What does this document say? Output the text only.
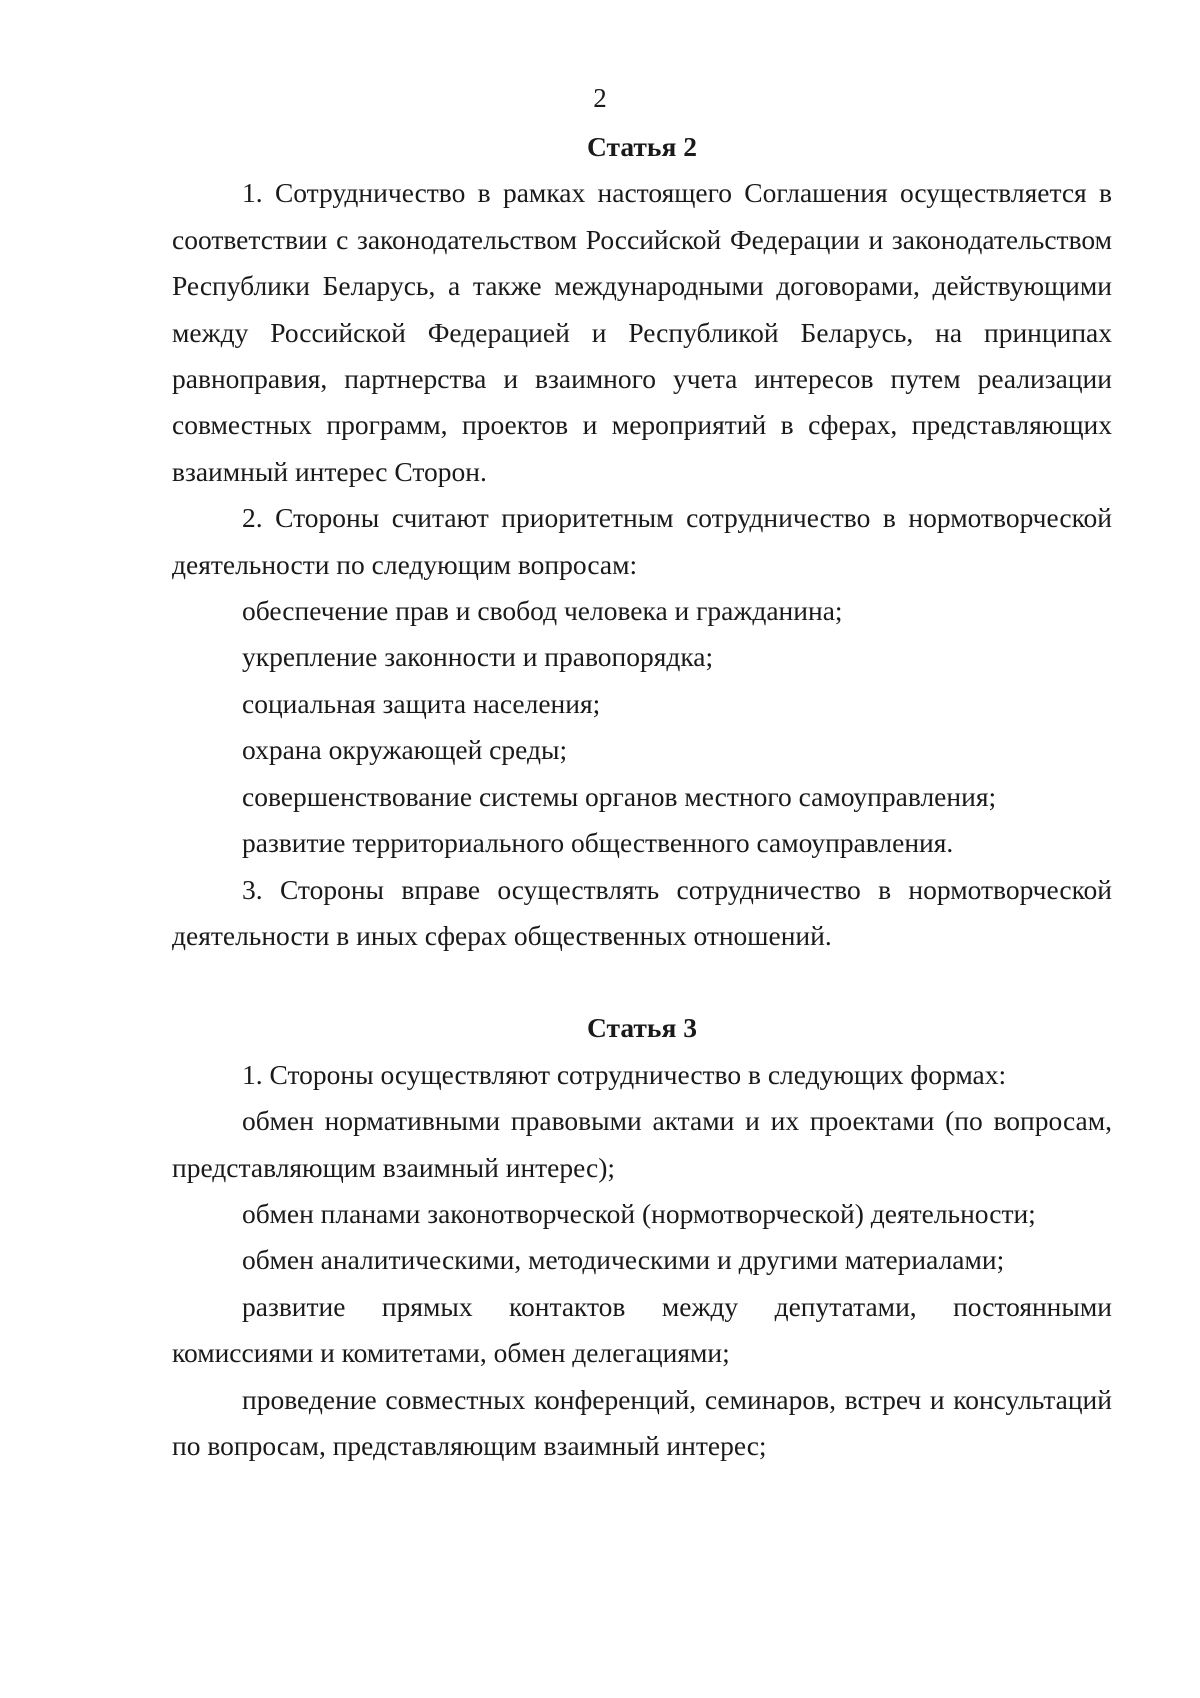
2
Статья 2

1. Сотрудничество в рамках настоящего Соглашения осуществляется в соответствии с законодательством Российской Федерации и законодательством Республики Беларусь, а также международными договорами, действующими между Российской Федерацией и Республикой Беларусь, на принципах равноправия, партнерства и взаимного учета интересов путем реализации совместных программ, проектов и мероприятий в сферах, представляющих взаимный интерес Сторон.

2. Стороны считают приоритетным сотрудничество в нормотворческой деятельности по следующим вопросам:

обеспечение прав и свобод человека и гражданина;

укрепление законности и правопорядка;

социальная защита населения;

охрана окружающей среды;

совершенствование системы органов местного самоуправления;

развитие территориального общественного самоуправления.

3. Стороны вправе осуществлять сотрудничество в нормотворческой деятельности в иных сферах общественных отношений.

Статья 3

1. Стороны осуществляют сотрудничество в следующих формах:

обмен нормативными правовыми актами и их проектами (по вопросам, представляющим взаимный интерес);

обмен планами законотворческой (нормотворческой) деятельности;

обмен аналитическими, методическими и другими материалами;

развитие прямых контактов между депутатами, постоянными комиссиями и комитетами, обмен делегациями;

проведение совместных конференций, семинаров, встреч и консультаций по вопросам, представляющим взаимный интерес;
